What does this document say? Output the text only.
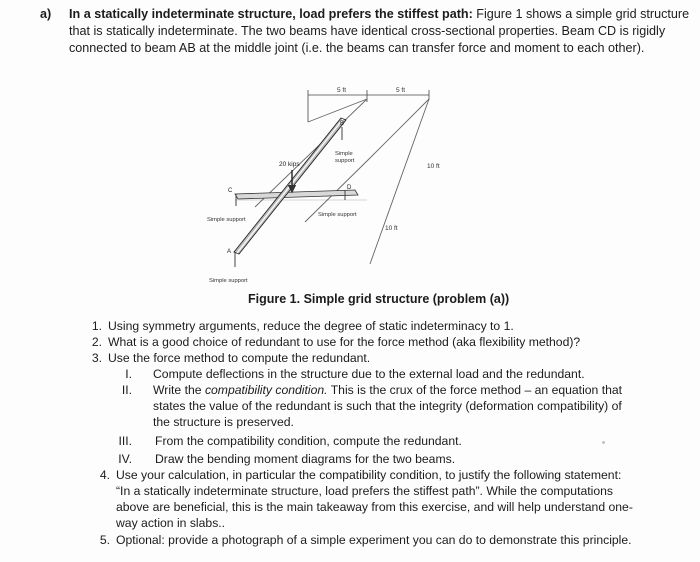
a) In a statically indeterminate structure, load prefers the stiffest path: Figure 1 shows a simple grid structure that is statically indeterminate. The two beams have identical cross-sectional properties. Beam CD is rigidly connected to beam AB at the middle joint (i.e. the beams can transfer force and moment to each other).
5 ft	5 ft
20 kips
B
D
C
A
Simple
support
Simple support
Simple support
Simple support
10 ft
10 ft
Figure 1. Simple grid structure (problem (a))
1. Using symmetry arguments, reduce the degree of static indeterminacy to 1.
2. What is a good choice of redundant to use for the force method (aka flexibility method)?
3. Use the force method to compute the redundant.
I. Compute deflections in the structure due to the external load and the redundant.
II. Write the compatibility condition. This is the crux of the force method – an equation that
states the value of the redundant is such that the integrity (deformation compatibility) of
the structure is preserved.
III. From the compatibility condition, compute the redundant.
IV. Draw the bending moment diagrams for the two beams.
4. Use your calculation, in particular the compatibility condition, to justify the following statement:
“In a statically indeterminate structure, load prefers the stiffest path”. While the computations
above are beneficial, this is the main takeaway from this exercise, and will help understand one-
way action in slabs..
5. Optional: provide a photograph of a simple experiment you can do to demonstrate this principle.
